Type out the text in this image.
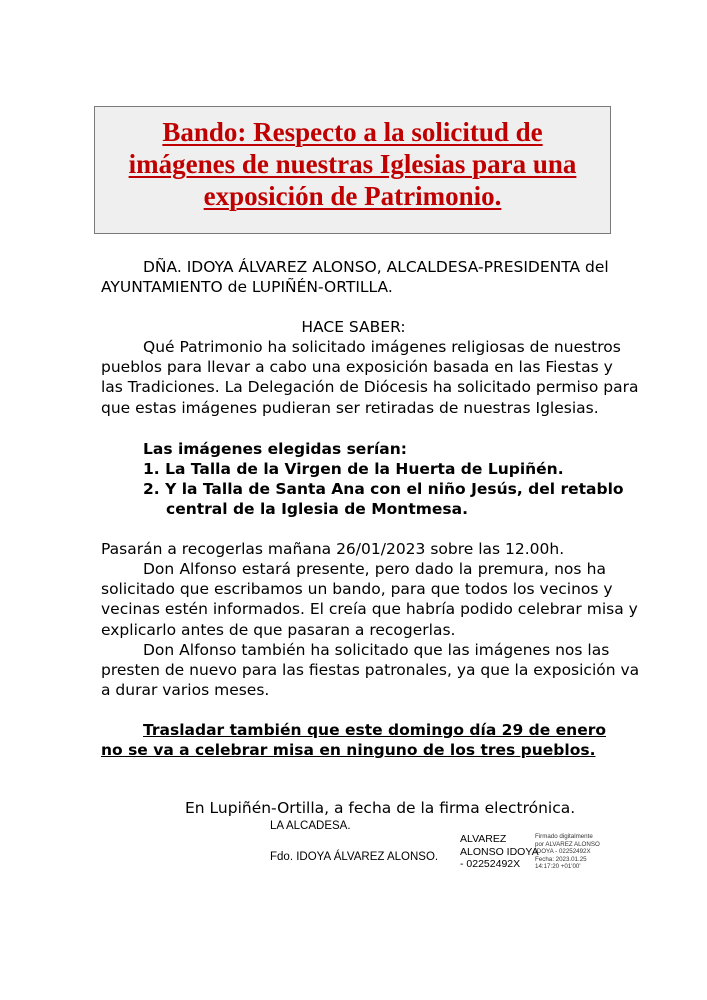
Bando: Respecto a la solicitud de
imágenes de nuestras Iglesias para una
exposición de Patrimonio.
DÑA. IDOYA ÁLVAREZ ALONSO, ALCALDESA-PRESIDENTA del
AYUNTAMIENTO de LUPIÑÉN-ORTILLA.
HACE SABER:
Qué Patrimonio ha solicitado imágenes religiosas de nuestros
pueblos para llevar a cabo una exposición basada en las Fiestas y
las Tradiciones. La Delegación de Diócesis ha solicitado permiso para
que estas imágenes pudieran ser retiradas de nuestras Iglesias.
Las imágenes elegidas serían:
1. La Talla de la Virgen de la Huerta de Lupiñén.
2. Y la Talla de Santa Ana con el niño Jesús, del retablo
central de la Iglesia de Montmesa.
Pasarán a recogerlas mañana 26/01/2023 sobre las 12.00h.
Don Alfonso estará presente, pero dado la premura, nos ha
solicitado que escribamos un bando, para que todos los vecinos y
vecinas estén informados. El creía que habría podido celebrar misa y
explicarlo antes de que pasaran a recogerlas.
Don Alfonso también ha solicitado que las imágenes nos las
presten de nuevo para las fiestas patronales, ya que la exposición va
a durar varios meses.
Trasladar también que este domingo día 29 de enero
no se va a celebrar misa en ninguno de los tres pueblos.
En Lupiñén-Ortilla, a fecha de la firma electrónica.
LA ALCADESA.
Fdo. IDOYA ÁLVAREZ ALONSO.
ALVAREZ
ALONSO IDOYA
- 02252492X
Firmado digitalmente
por ALVAREZ ALONSO
IDOYA - 02252492X
Fecha: 2023.01.25
14:17:20 +01'00'
